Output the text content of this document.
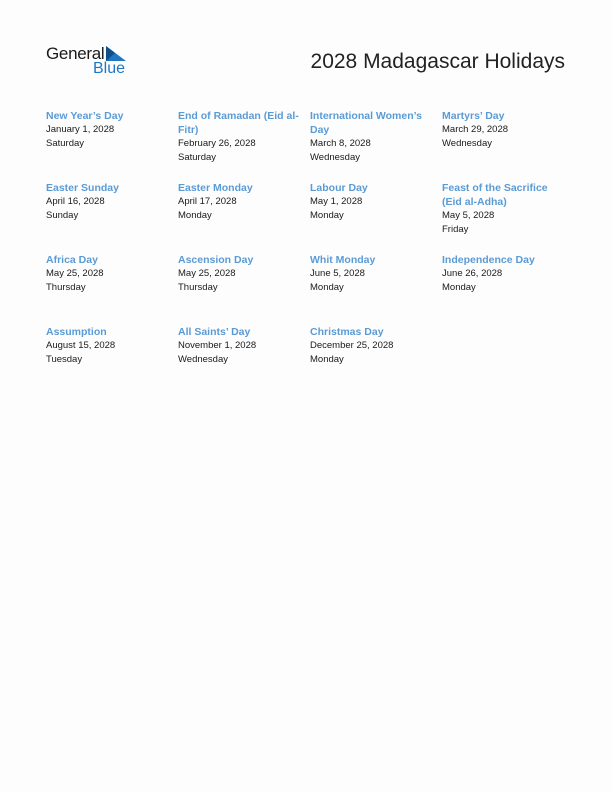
General
Blue	2028 Madagascar Holidays
New Year’s Day
January 1, 2028
Saturday
End of Ramadan (Eid al-Fitr)
February 26, 2028
Saturday
International Women’s Day
March 8, 2028
Wednesday
Martyrs’ Day
March 29, 2028
Wednesday
Easter Sunday
April 16, 2028
Sunday
Easter Monday
April 17, 2028
Monday
Labour Day
May 1, 2028
Monday
Feast of the Sacrifice (Eid al-Adha)
May 5, 2028
Friday
Africa Day
May 25, 2028
Thursday
Ascension Day
May 25, 2028
Thursday
Whit Monday
June 5, 2028
Monday
Independence Day
June 26, 2028
Monday
Assumption
August 15, 2028
Tuesday
All Saints’ Day
November 1, 2028
Wednesday
Christmas Day
December 25, 2028
Monday
